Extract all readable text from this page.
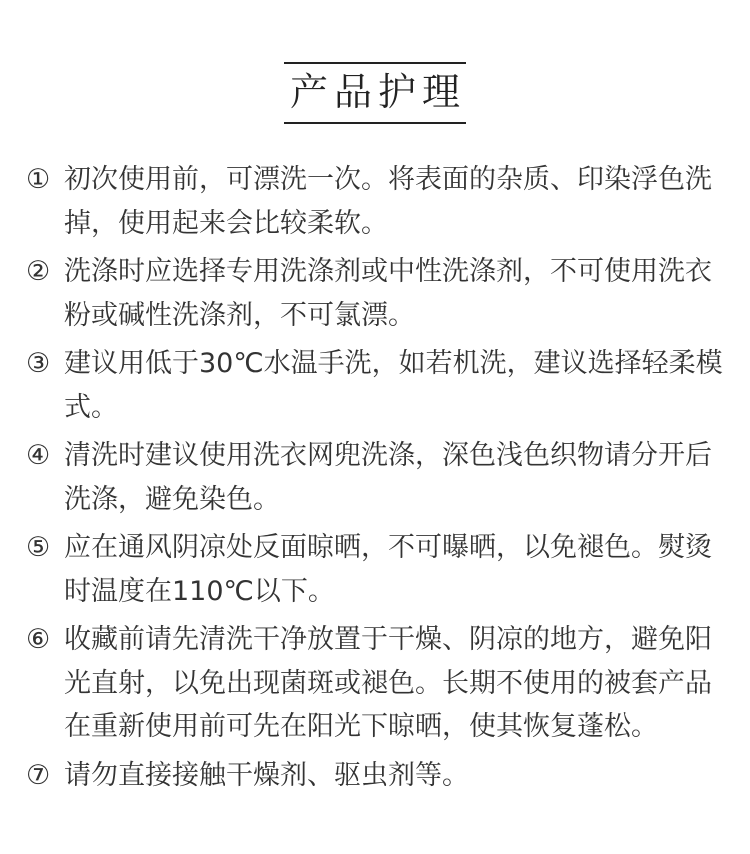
产品护理
① 初次使用前，可漂洗一次。将表面的杂质、印染浮色洗掉，使用起来会比较柔软。
② 洗涤时应选择专用洗涤剂或中性洗涤剂，不可使用洗衣粉或碱性洗涤剂，不可氯漂。
③ 建议用低于30℃水温手洗，如若机洗，建议选择轻柔模式。
④ 清洗时建议使用洗衣网兜洗涤，深色浅色织物请分开后洗涤，避免染色。
⑤ 应在通风阴凉处反面晾晒，不可曝晒，以免褪色。熨烫时温度在110℃以下。
⑥ 收藏前请先清洗干净放置于干燥、阴凉的地方，避免阳光直射，以免出现菌斑或褪色。长期不使用的被套产品在重新使用前可先在阳光下晾晒，使其恢复蓬松。
⑦ 请勿直接接触干燥剂、驱虫剂等。
